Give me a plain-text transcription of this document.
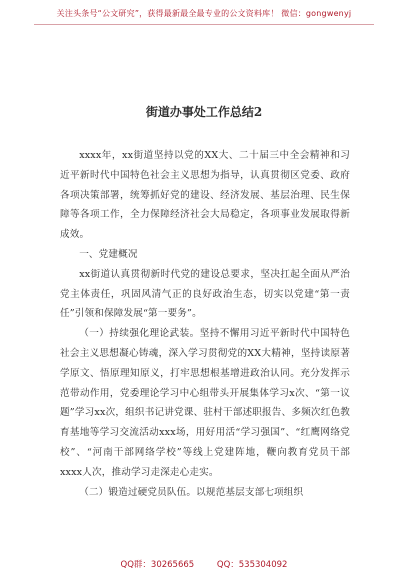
关注头条号“公文研究”，获得最新最全最专业的公文资料库！ 微信：gongwenyj
街道办事处工作总结2

xxxx年，xx街道坚持以党的XX大、二十届三中全会精神和习近平新时代中国特色社会主义思想为指导，认真贯彻区党委、政府各项决策部署，统筹抓好党的建设、经济发展、基层治理、民生保障等各项工作，全力保障经济社会大局稳定，各项事业发展取得新成效。

一、党建概况

xx街道认真贯彻新时代党的建设总要求，坚决扛起全面从严治党主体责任，巩固风清气正的良好政治生态，切实以党建“第一责任”引领和保障发展“第一要务”。

（一）持续强化理论武装。坚持不懈用习近平新时代中国特色社会主义思想凝心铸魂，深入学习贯彻党的XX大精神，坚持读原著学原文、悟原理知原义，打牢思想根基增进政治认同。充分发挥示范带动作用，党委理论学习中心组带头开展集体学习x次、“第一议题”学习xx次，组织书记讲党课、驻村干部述职报告、多频次红色教育基地等学习交流活动xxx场，用好用活“学习强国”、“红鹰网络党校”、“河南干部网络学校”等线上党建阵地，鞭向教育党员干部xxxx人次，推动学习走深走心走实。

（二）锻造过硬党员队伍。以规范基层支部七项组织

QQ群：30265665	QQ：535304092
